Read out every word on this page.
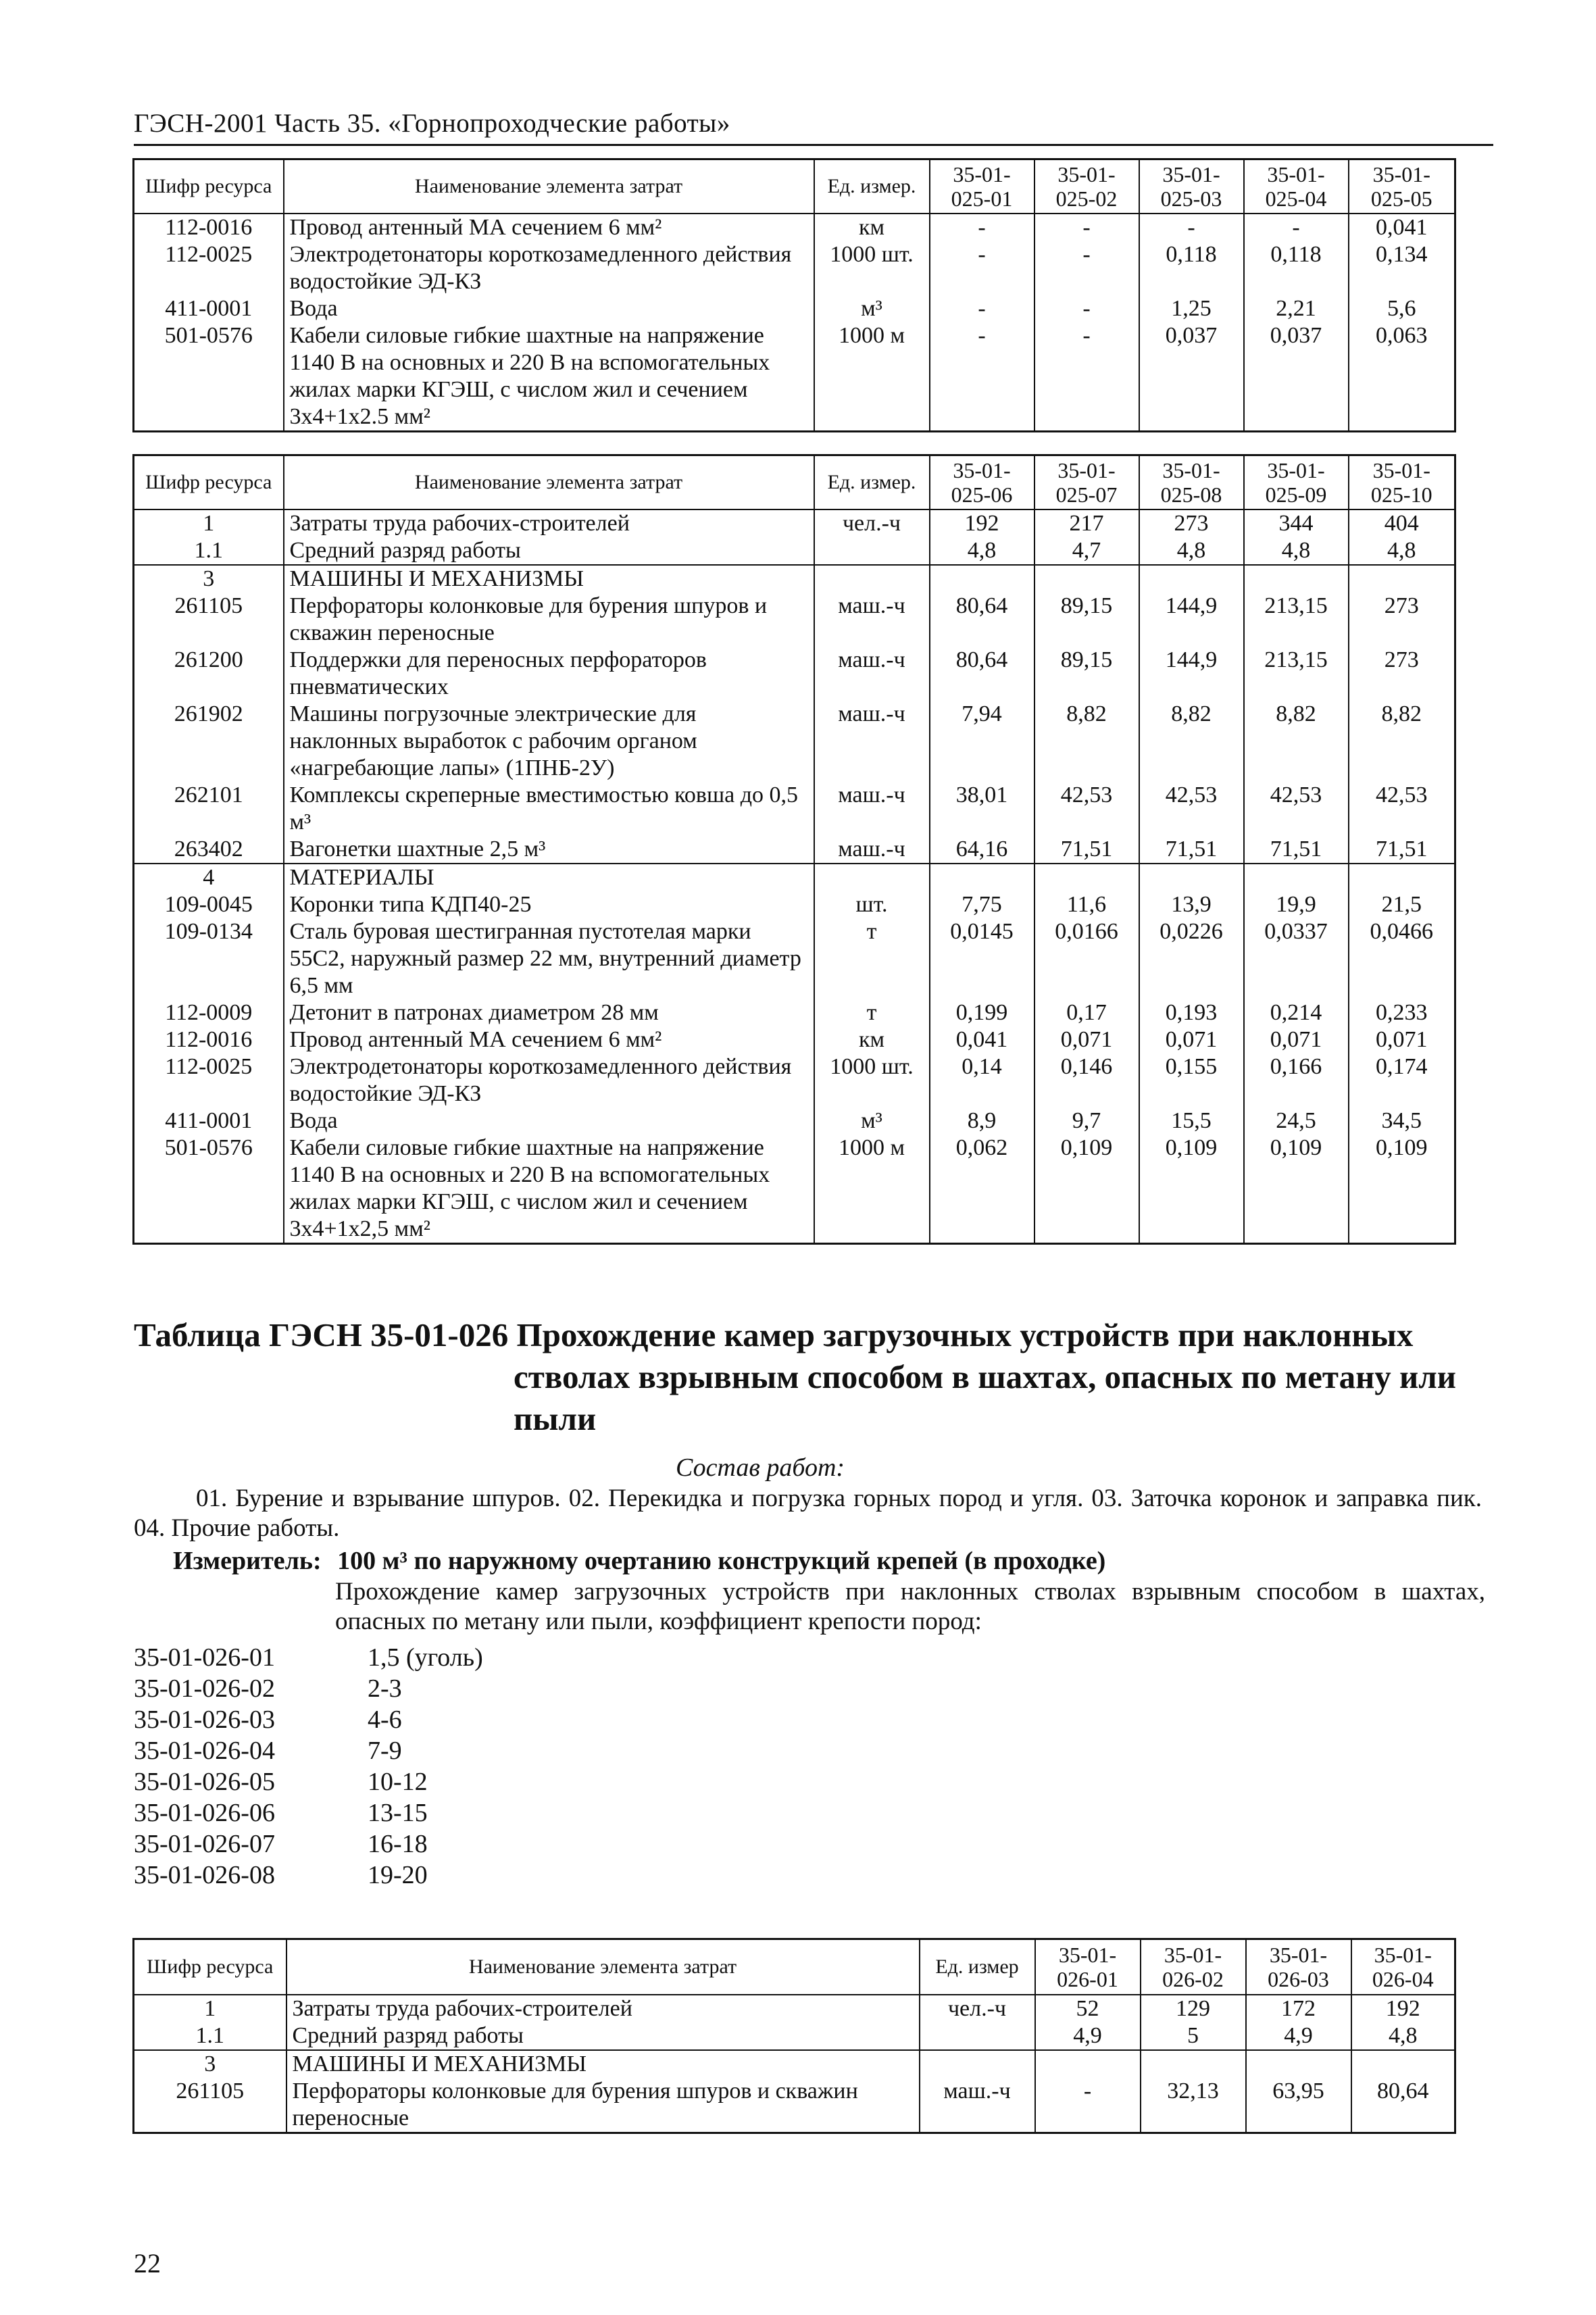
ГЭСН-2001 Часть 35. «Горнопроходческие работы»
Шифр ресурса	Наименование элемента затрат	Ед. измер.	35-01-025-01	35-01-025-02	35-01-025-03	35-01-025-04	35-01-025-05
112-0016	Провод антенный МА сечением 6 мм²	км	-	-	-	-	0,041
112-0025	Электродетонаторы короткозамедленного действия водостойкие ЭД-КЗ	1000 шт.	-	-	0,118	0,118	0,134
411-0001	Вода	м³	-	-	1,25	2,21	5,6
501-0576	Кабели силовые гибкие шахтные на напряжение 1140 В на основных и 220 В на вспомогательных жилах марки КГЭШ, с числом жил и сечением 3х4+1х2.5 мм²	1000 м	-	-	0,037	0,037	0,063
Шифр ресурса	Наименование элемента затрат	Ед. измер.	35-01-025-06	35-01-025-07	35-01-025-08	35-01-025-09	35-01-025-10
1	Затраты труда рабочих-строителей	чел.-ч	192	217	273	344	404
1.1	Средний разряд работы		4,8	4,7	4,8	4,8	4,8
3	МАШИНЫ И МЕХАНИЗМЫ						
261105	Перфораторы колонковые для бурения шпуров и скважин переносные	маш.-ч	80,64	89,15	144,9	213,15	273
261200	Поддержки для переносных перфораторов пневматических	маш.-ч	80,64	89,15	144,9	213,15	273
261902	Машины погрузочные электрические для наклонных выработок с рабочим органом «нагребающие лапы» (1ПНБ-2У)	маш.-ч	7,94	8,82	8,82	8,82	8,82
262101	Комплексы скреперные вместимостью ковша до 0,5 м³	маш.-ч	38,01	42,53	42,53	42,53	42,53
263402	Вагонетки шахтные 2,5 м³	маш.-ч	64,16	71,51	71,51	71,51	71,51
4	МАТЕРИАЛЫ						
109-0045	Коронки типа КДП40-25	шт.	7,75	11,6	13,9	19,9	21,5
109-0134	Сталь буровая шестигранная пустотелая марки 55С2, наружный размер 22 мм, внутренний диаметр 6,5 мм	т	0,0145	0,0166	0,0226	0,0337	0,0466
112-0009	Детонит в патронах диаметром 28 мм	т	0,199	0,17	0,193	0,214	0,233
112-0016	Провод антенный МА сечением 6 мм²	км	0,041	0,071	0,071	0,071	0,071
112-0025	Электродетонаторы короткозамедленного действия водостойкие ЭД-КЗ	1000 шт.	0,14	0,146	0,155	0,166	0,174
411-0001	Вода	м³	8,9	9,7	15,5	24,5	34,5
501-0576	Кабели силовые гибкие шахтные на напряжение 1140 В на основных и 220 В на вспомогательных жилах марки КГЭШ, с числом жил и сечением 3х4+1х2,5 мм²	1000 м	0,062	0,109	0,109	0,109	0,109
Таблица ГЭСН 35-01-026 Прохождение камер загрузочных устройств при наклонных
стволах взрывным способом в шахтах, опасных по метану или
пыли
Состав работ:
01. Бурение и взрывание шпуров. 02. Перекидка и погрузка горных пород и угля. 03. Заточка коронок и заправка пик. 04. Прочие работы.
Измеритель: 100 м³ по наружному очертанию конструкций крепей (в проходке)
Прохождение камер загрузочных устройств при наклонных стволах взрывным способом в шахтах, опасных по метану или пыли, коэффициент крепости пород:
35-01-026-01	1,5 (уголь)
35-01-026-02	2-3
35-01-026-03	4-6
35-01-026-04	7-9
35-01-026-05	10-12
35-01-026-06	13-15
35-01-026-07	16-18
35-01-026-08	19-20
Шифр ресурса	Наименование элемента затрат	Ед. измер	35-01-026-01	35-01-026-02	35-01-026-03	35-01-026-04
1	Затраты труда рабочих-строителей	чел.-ч	52	129	172	192
1.1	Средний разряд работы		4,9	5	4,9	4,8
3	МАШИНЫ И МЕХАНИЗМЫ					
261105	Перфораторы колонковые для бурения шпуров и скважин переносные	маш.-ч	-	32,13	63,95	80,64
22
